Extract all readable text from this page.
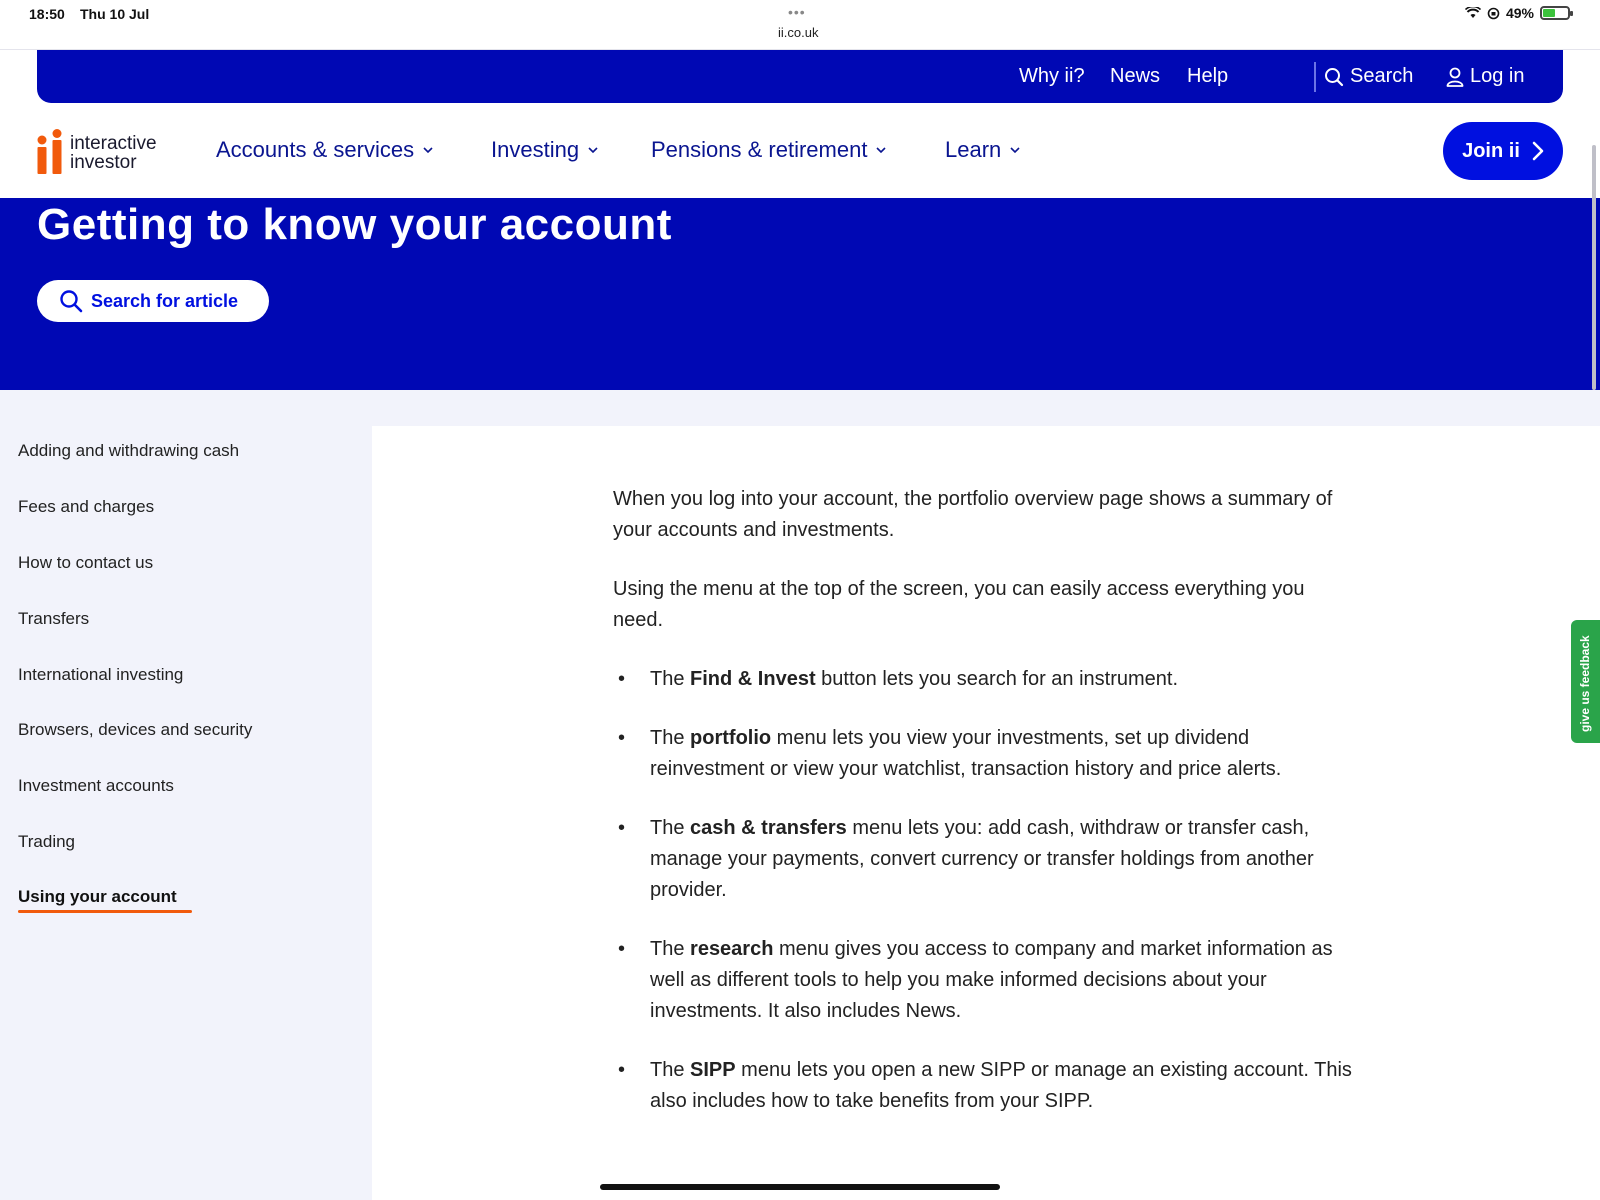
18:50 Thu 10 Jul	•••
ii.co.uk
49%
Why ii? News Help	Search	Log in
interactive
investor
Accounts & services	Investing	Pensions & retirement	Learn	Join ii
Getting to know your account
Search for article
Adding and withdrawing cash
Fees and charges
How to contact us
Transfers
International investing
Browsers, devices and security
Investment accounts
Trading
Using your account

When you log into your account, the portfolio overview page shows a summary of your accounts and investments.

Using the menu at the top of the screen, you can easily access everything you need.

• The Find & Invest button lets you search for an instrument.
• The portfolio menu lets you view your investments, set up dividend reinvestment or view your watchlist, transaction history and price alerts.
• The cash & transfers menu lets you: add cash, withdraw or transfer cash, manage your payments, convert currency or transfer holdings from another provider.
• The research menu gives you access to company and market information as well as different tools to help you make informed decisions about your investments. It also includes News.
• The SIPP menu lets you open a new SIPP or manage an existing account. This also includes how to take benefits from your SIPP.
give us feedback
